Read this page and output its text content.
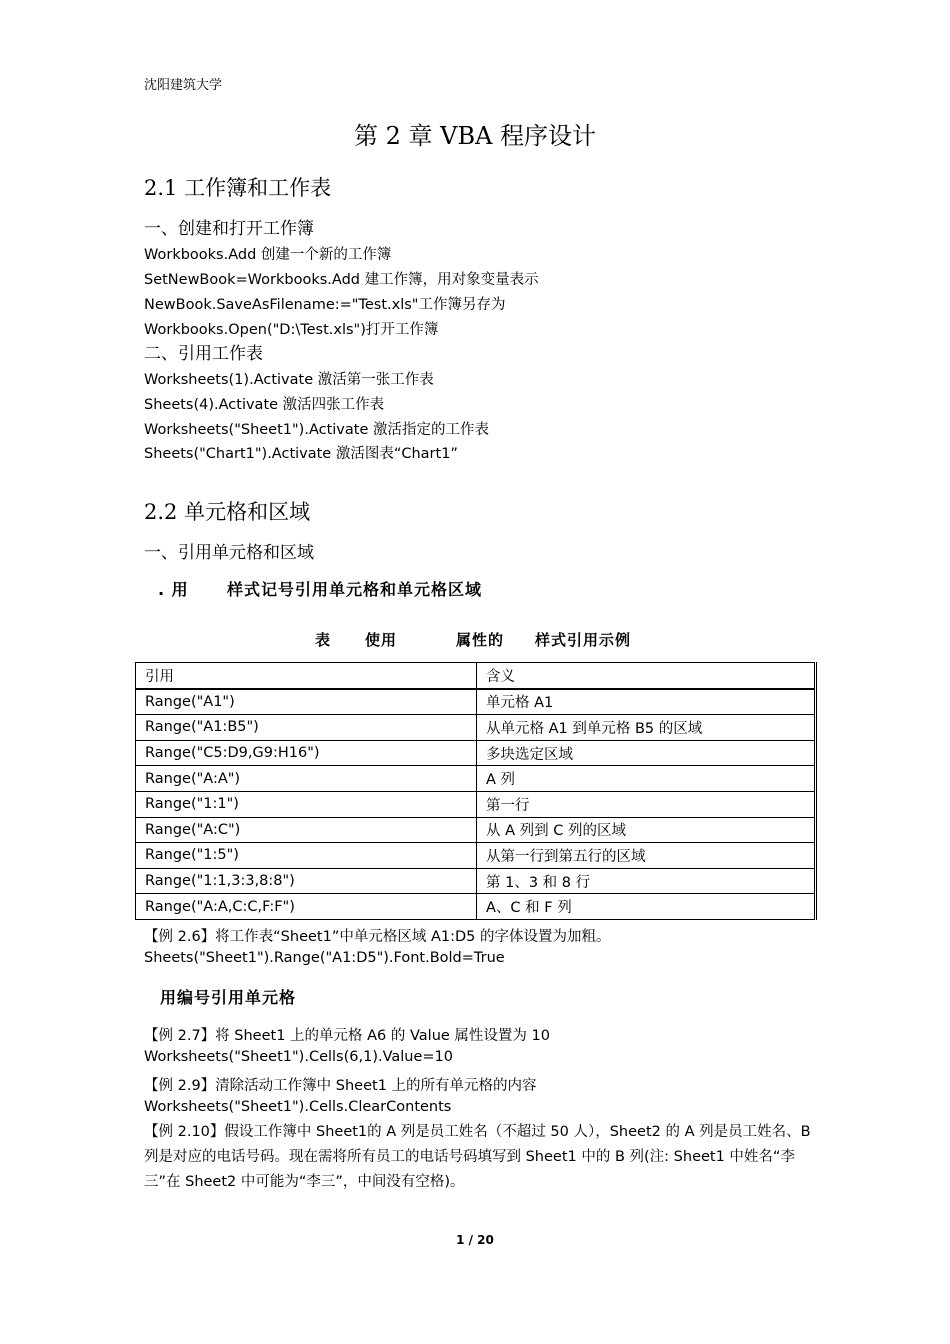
沈阳建筑大学
第 2 章 VBA 程序设计
2.1 工作簿和工作表
一、创建和打开工作簿
Workbooks.Add 创建一个新的工作簿
SetNewBook=Workbooks.Add 建工作簿，用对象变量表示
NewBook.SaveAsFilename:="Test.xls"工作簿另存为
Workbooks.Open("D:\Test.xls")打开工作簿
二、引用工作表
Worksheets(1).Activate 激活第一张工作表
Sheets(4).Activate 激活四张工作表
Worksheets("Sheet1").Activate 激活指定的工作表
Sheets("Chart1").Activate 激活图表“Chart1”
2.2 单元格和区域
一、引用单元格和区域
. 用 样式记号引用单元格和单元格区域
表 使用	属性的 样式引用示例
引用	含义
Range("A1")	单元格 A1
Range("A1:B5")	从单元格 A1 到单元格 B5 的区域
Range("C5:D9,G9:H16")	多块选定区域
Range("A:A")	A 列
Range("1:1")	第一行
Range("A:C")	从 A 列到 C 列的区域
Range("1:5")	从第一行到第五行的区域
Range("1:1,3:3,8:8")	第 1、3 和 8 行
Range("A:A,C:C,F:F")	A、C 和 F 列
【例 2.6】将工作表“Sheet1”中单元格区域 A1:D5 的字体设置为加粗。
Sheets("Sheet1").Range("A1:D5").Font.Bold=True
用编号引用单元格
【例 2.7】将 Sheet1 上的单元格 A6 的 Value 属性设置为 10
Worksheets("Sheet1").Cells(6,1).Value=10
【例 2.9】清除活动工作簿中 Sheet1 上的所有单元格的内容
Worksheets("Sheet1").Cells.ClearContents
【例 2.10】假设工作簿中 Sheet1的 A 列是员工姓名（不超过 50 人），Sheet2 的 A 列是员工姓名、B 列是对应的电话号码。现在需将所有员工的电话号码填写到 Sheet1 中的 B 列(注: Sheet1 中姓名“李三”在 Sheet2 中可能为“李三”，中间没有空格)。
1 / 20
